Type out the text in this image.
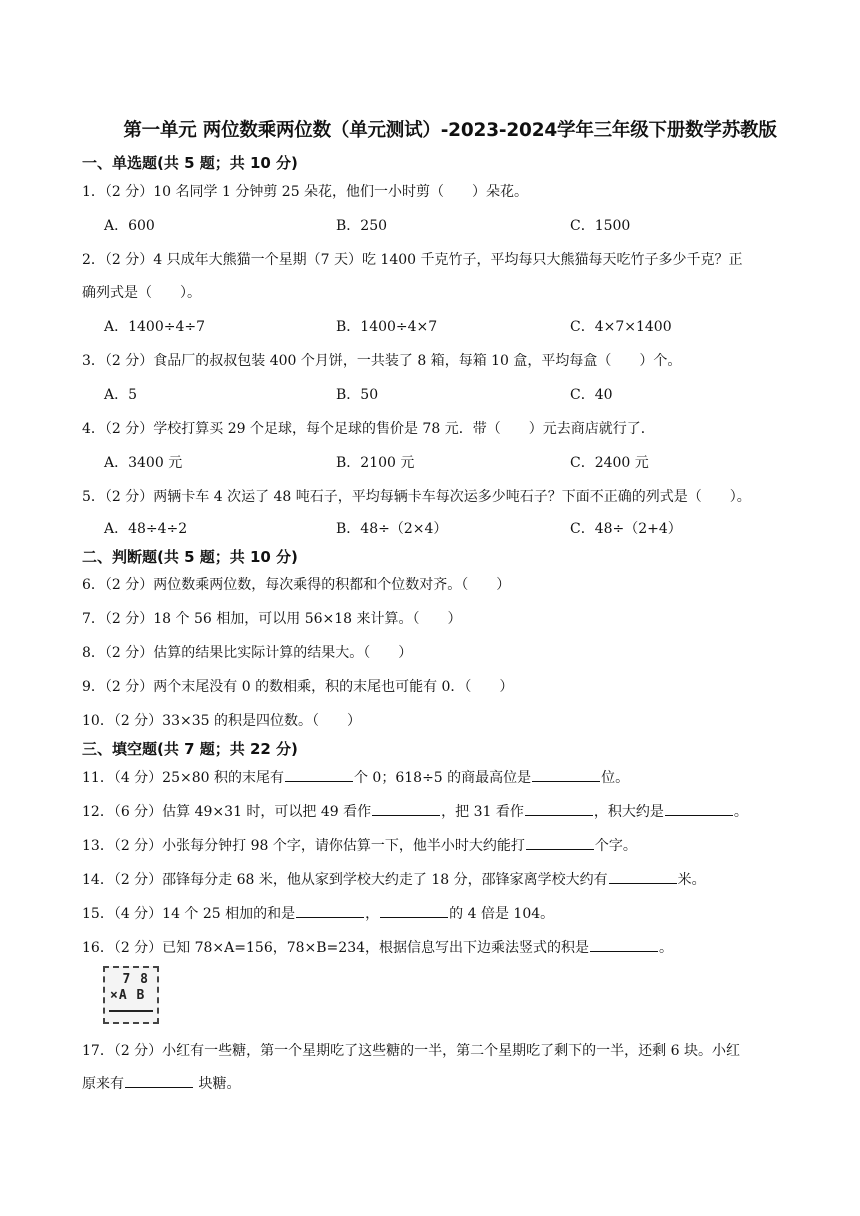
第一单元 两位数乘两位数（单元测试）-2023-2024学年三年级下册数学苏教版
一、单选题(共 5 题；共 10 分)
1．（2 分）10 名同学 1 分钟剪 25 朵花，他们一小时剪（　　）朵花。
A．600	B．250	C．1500
2．（2 分）4 只成年大熊猫一个星期（7 天）吃 1400 千克竹子，平均每只大熊猫每天吃竹子多少千克？正
确列式是（　　）。
A．1400÷4÷7	B．1400÷4×7	C．4×7×1400
3．（2 分）食品厂的叔叔包装 400 个月饼，一共装了 8 箱，每箱 10 盒，平均每盒（　　）个。
A．5	B．50	C．40
4．（2 分）学校打算买 29 个足球，每个足球的售价是 78 元．带（　　）元去商店就行了．
A．3400 元	B．2100 元	C．2400 元
5．（2 分）两辆卡车 4 次运了 48 吨石子，平均每辆卡车每次运多少吨石子？下面不正确的列式是（　　）。
A．48÷4÷2	B．48÷（2×4）	C．48÷（2+4）
二、判断题(共 5 题；共 10 分)
6．（2 分）两位数乘两位数，每次乘得的积都和个位数对齐。（　　）
7．（2 分）18 个 56 相加，可以用 56×18 来计算。（　　）
8．（2 分）估算的结果比实际计算的结果大。（　　）
9．（2 分）两个末尾没有 0 的数相乘，积的末尾也可能有 0．（　　）
10．（2 分）33×35 的积是四位数。（　　）
三、填空题(共 7 题；共 22 分)
11．（4 分）25×80 积的末尾有	个 0；618÷5 的商最高位是	位。
12．（6 分）估算 49×31 时，可以把 49 看作	，把 31 看作	，积大约是	。
13．（2 分）小张每分钟打 98 个字，请你估算一下，他半小时大约能打	个字。
14．（2 分）邵锋每分走 68 米，他从家到学校大约走了 18 分，邵锋家离学校大约有	米。
15．（4 分）14 个 25 相加的和是	，	的 4 倍是 104。
16．（2 分）已知 78×A=156，78×B=234，根据信息写出下边乘法竖式的积是	。
7 8
×A B
17．（2 分）小红有一些糖，第一个星期吃了这些糖的一半，第二个星期吃了剩下的一半，还剩 6 块。小红
原来有	块糖。
